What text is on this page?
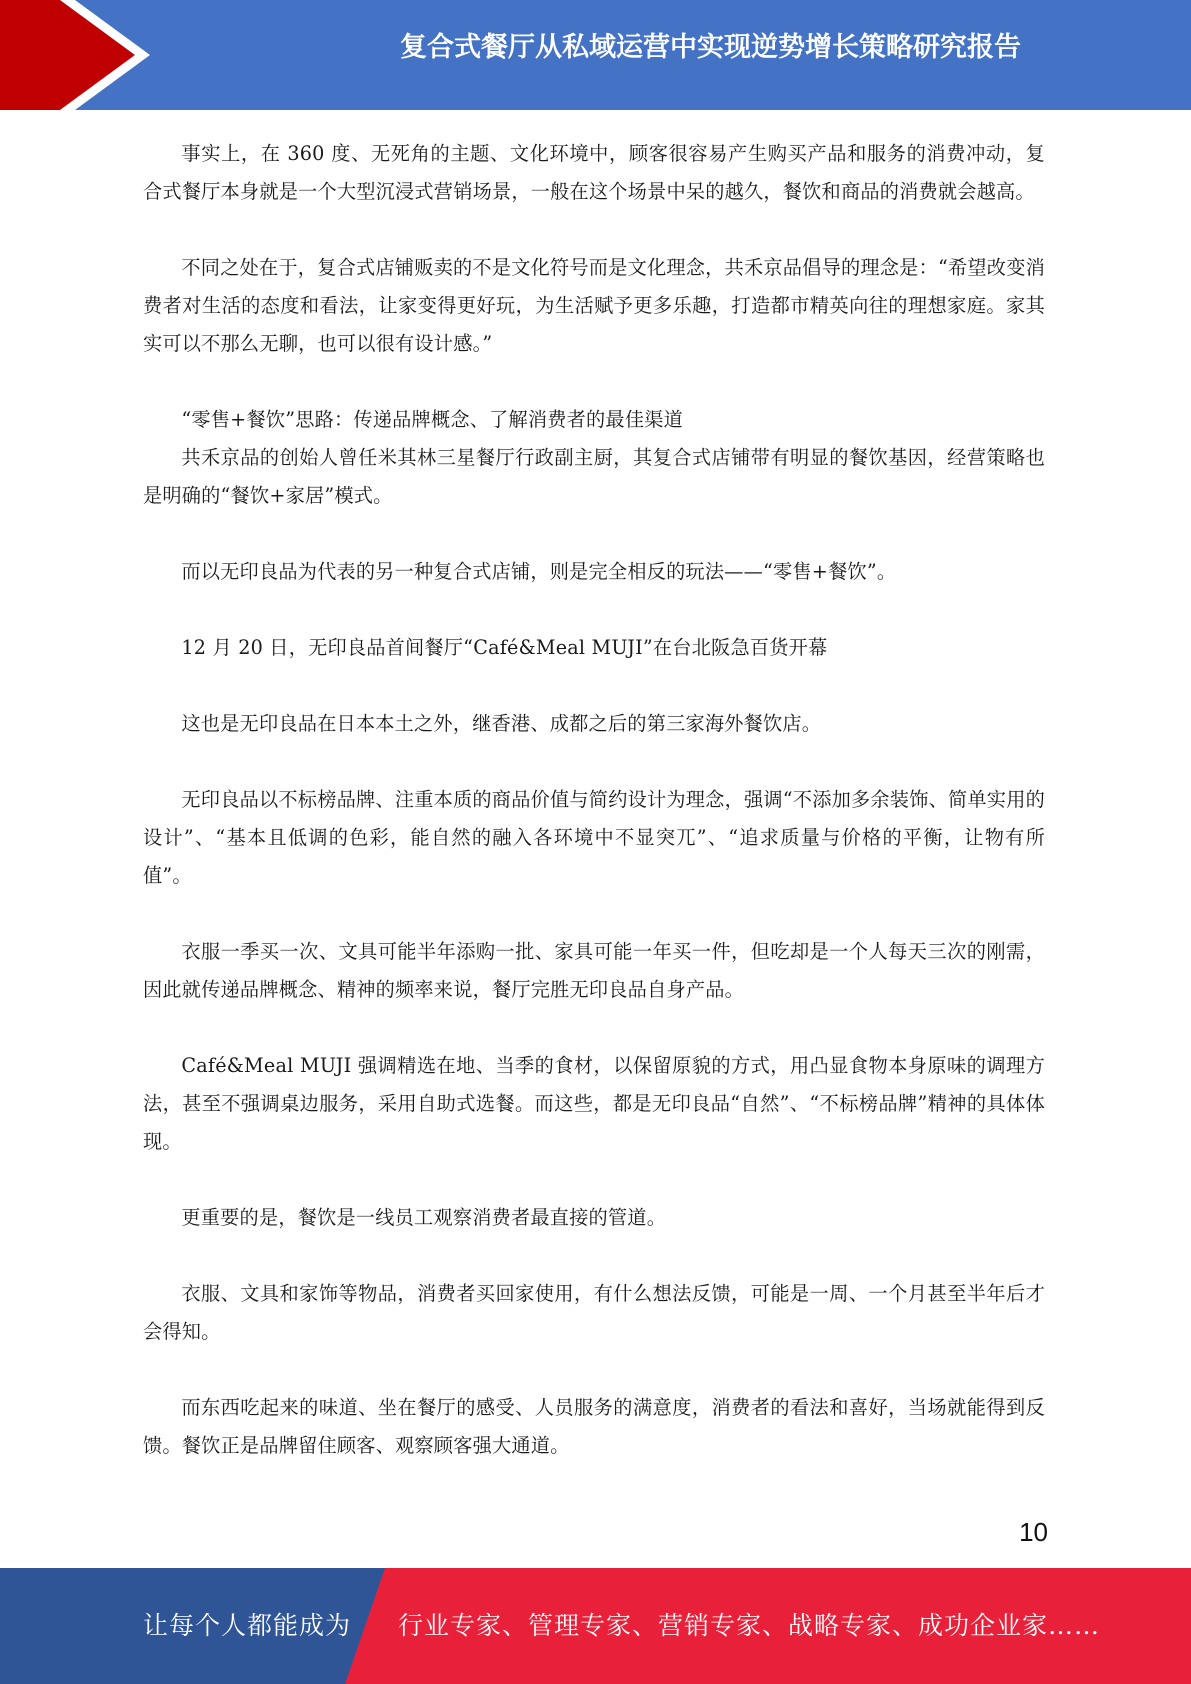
复合式餐厅从私域运营中实现逆势增长策略研究报告

事实上，在 360 度、无死角的主题、文化环境中，顾客很容易产生购买产品和服务的消费冲动，复合式餐厅本身就是一个大型沉浸式营销场景，一般在这个场景中呆的越久，餐饮和商品的消费就会越高。

不同之处在于，复合式店铺贩卖的不是文化符号而是文化理念，共禾京品倡导的理念是：“希望改变消费者对生活的态度和看法，让家变得更好玩，为生活赋予更多乐趣，打造都市精英向往的理想家庭。家其实可以不那么无聊，也可以很有设计感。”

“零售+餐饮”思路：传递品牌概念、了解消费者的最佳渠道

共禾京品的创始人曾任米其林三星餐厅行政副主厨，其复合式店铺带有明显的餐饮基因，经营策略也是明确的“餐饮+家居”模式。

而以无印良品为代表的另一种复合式店铺，则是完全相反的玩法——“零售+餐饮”。

12 月 20 日，无印良品首间餐厅“Café&Meal MUJI”在台北阪急百货开幕

这也是无印良品在日本本土之外，继香港、成都之后的第三家海外餐饮店。

无印良品以不标榜品牌、注重本质的商品价值与简约设计为理念，强调“不添加多余装饰、简单实用的设计”、“基本且低调的色彩，能自然的融入各环境中不显突兀”、“追求质量与价格的平衡，让物有所值”。

衣服一季买一次、文具可能半年添购一批、家具可能一年买一件，但吃却是一个人每天三次的刚需，因此就传递品牌概念、精神的频率来说，餐厅完胜无印良品自身产品。

Café&Meal MUJI 强调精选在地、当季的食材，以保留原貌的方式，用凸显食物本身原味的调理方法，甚至不强调桌边服务，采用自助式选餐。而这些，都是无印良品“自然”、“不标榜品牌”精神的具体体现。

更重要的是，餐饮是一线员工观察消费者最直接的管道。

衣服、文具和家饰等物品，消费者买回家使用，有什么想法反馈，可能是一周、一个月甚至半年后才会得知。

而东西吃起来的味道、坐在餐厅的感受、人员服务的满意度，消费者的看法和喜好，当场就能得到反馈。餐饮正是品牌留住顾客、观察顾客强大通道。

10
让每个人都能成为 行业专家、管理专家、营销专家、战略专家、成功企业家……
